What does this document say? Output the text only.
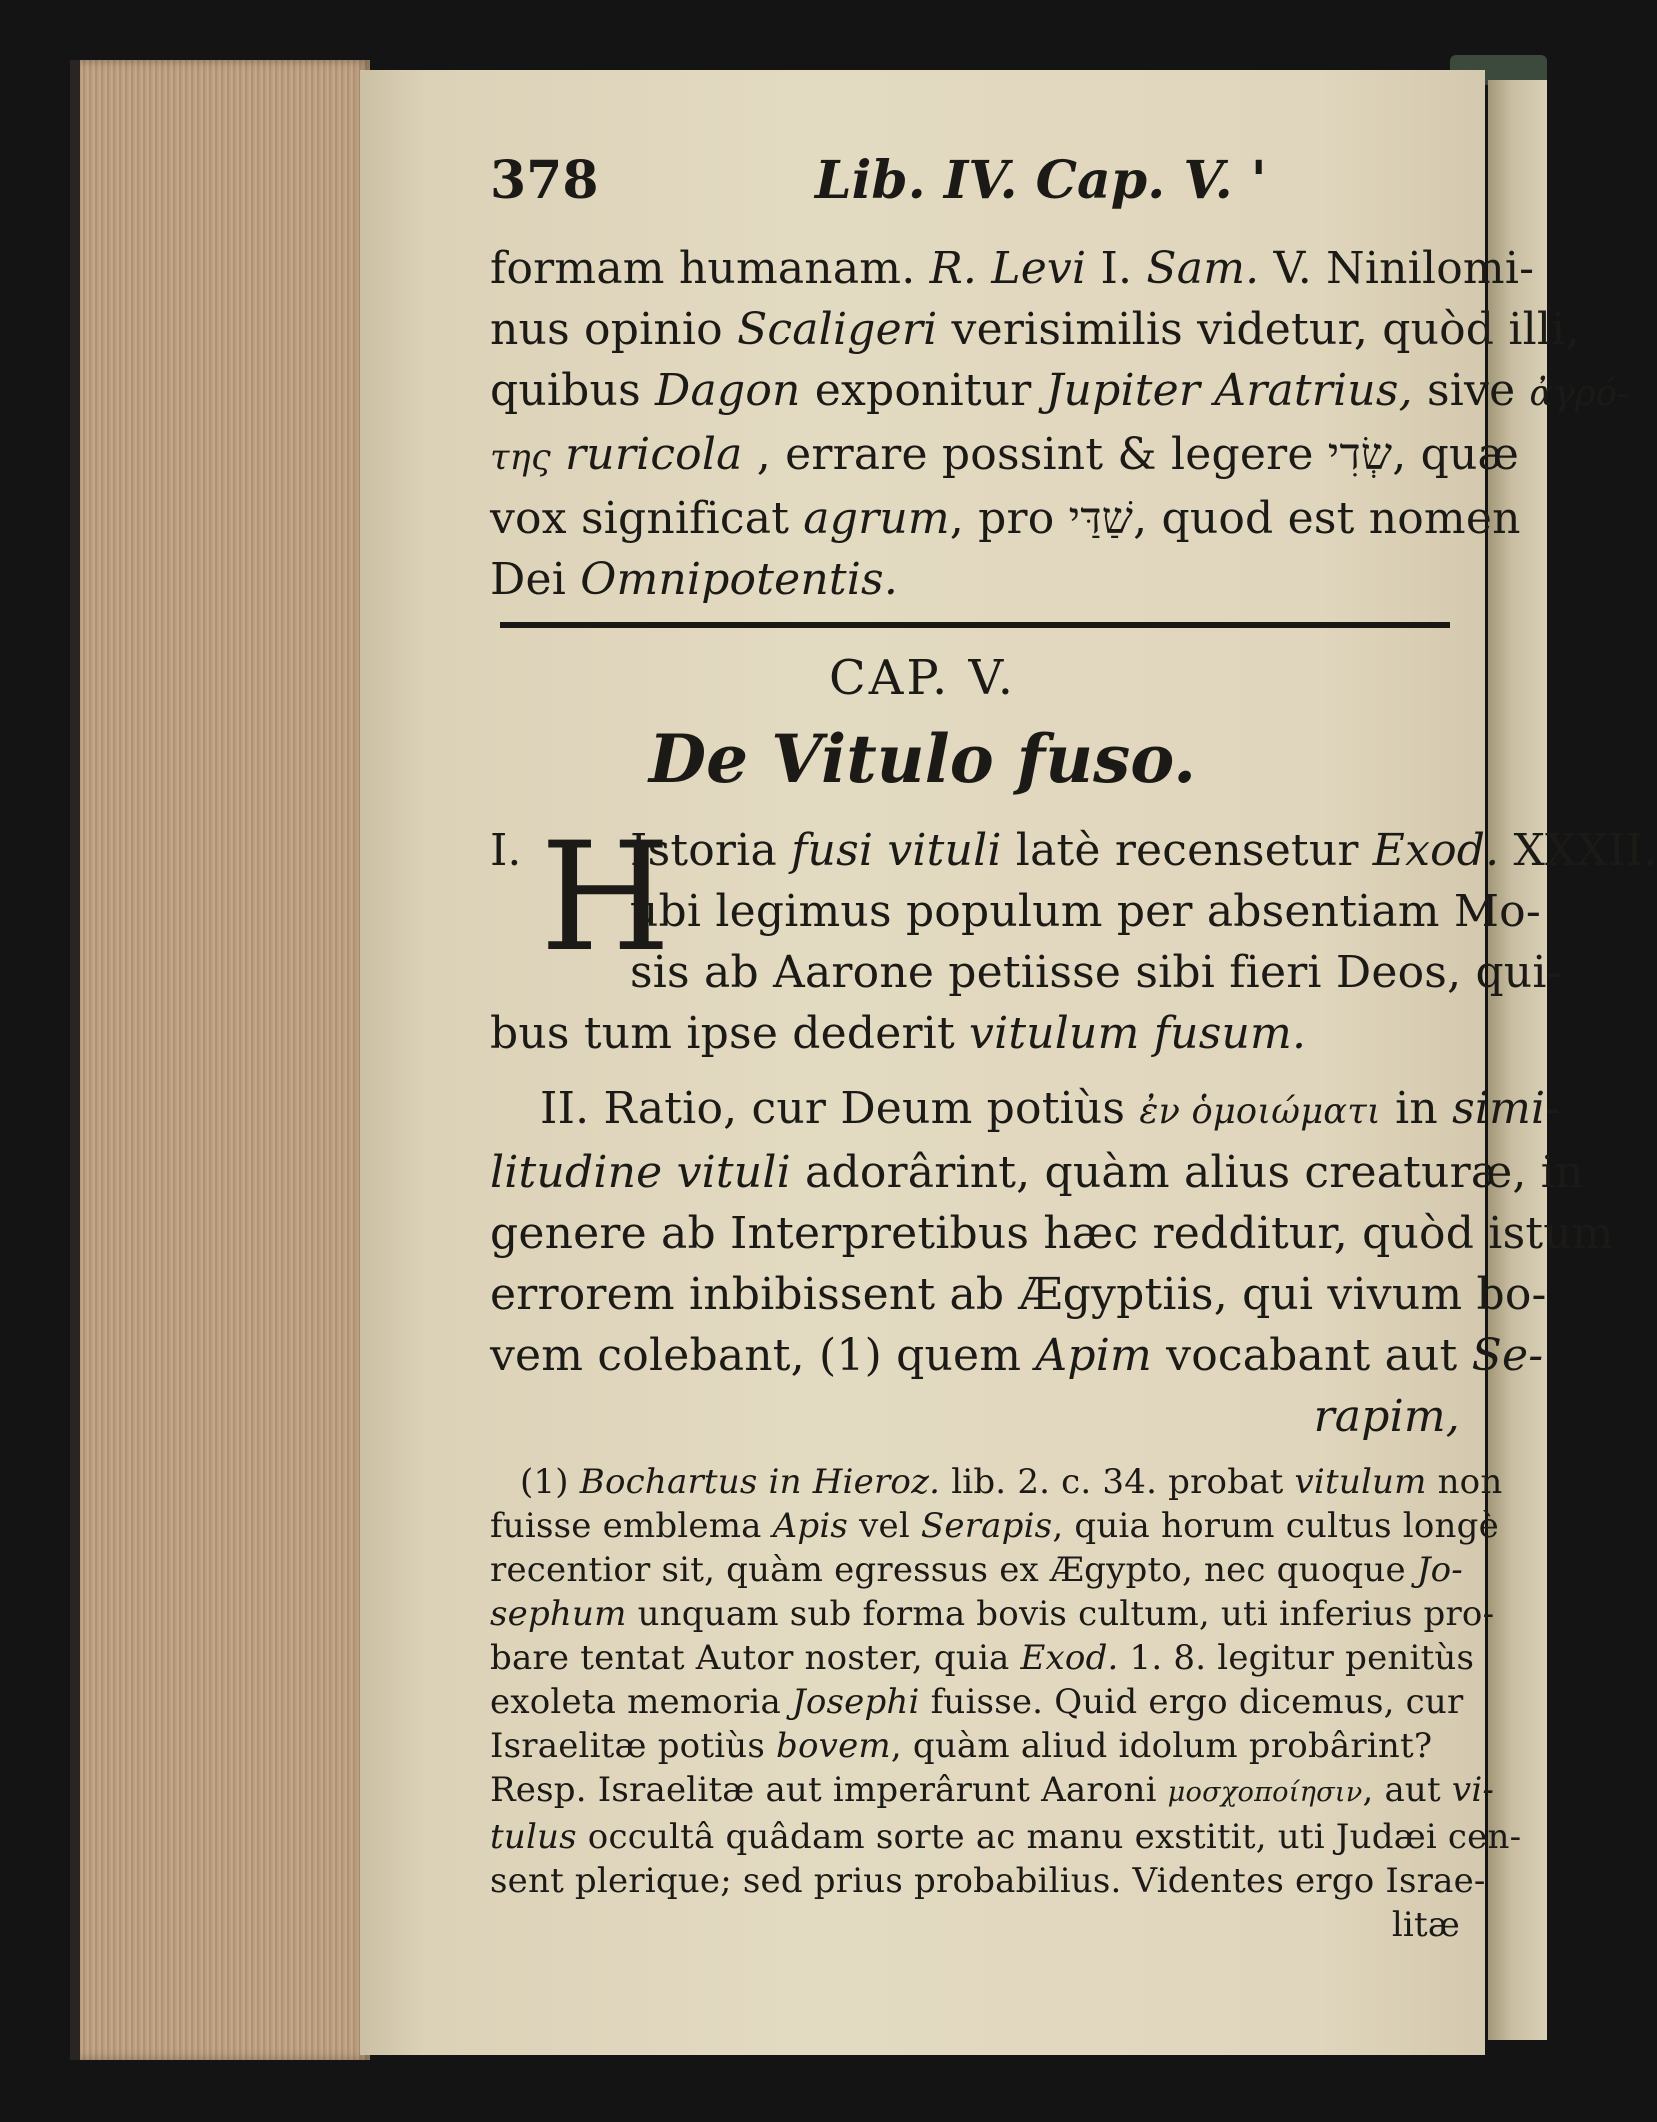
378	Lib. IV. Cap. V. '
formam humanam. R. Levi I. Sam. V. Ninilomi-
nus opinio Scaligeri verisimilis videtur, quòd illi,
quibus Dagon exponitur Jupiter Aratrius, sive ἀγρό-
της ruricola , errare possint & legere שְׂדִי, quæ
vox significat agrum, pro שַׁדַּי, quod est nomen
Dei Omnipotentis.
CAP. V.
De Vitulo fuso.
I. H
Istoria fusi vituli latè recensetur Exod. XXXII.
ubi legimus populum per absentiam Mo-
sis ab Aarone petiisse sibi fieri Deos, qui-
bus tum ipse dederit vitulum fusum.
II. Ratio, cur Deum potiùs ἐν ὁμοιώματι in simi-
litudine vituli adorârint, quàm alius creaturæ, in
genere ab Interpretibus hæc redditur, quòd istum
errorem inbibissent ab Ægyptiis, qui vivum bo-
vem colebant, (1) quem Apim vocabant aut Se-
rapim,
(1) Bochartus in Hieroz. lib. 2. c. 34. probat vitulum non
fuisse emblema Apis vel Serapis, quia horum cultus longè
recentior sit, quàm egressus ex Ægypto, nec quoque Jo-
sephum unquam sub forma bovis cultum, uti inferius pro-
bare tentat Autor noster, quia Exod. 1. 8. legitur penitùs
exoleta memoria Josephi fuisse. Quid ergo dicemus, cur
Israelitæ potiùs bovem, quàm aliud idolum probârint?
Resp. Israelitæ aut imperârunt Aaroni μοσχοποίησιν, aut vi-
tulus occultâ quâdam sorte ac manu exstitit, uti Judæi cen-
sent plerique; sed prius probabilius. Videntes ergo Israe-
litæ
